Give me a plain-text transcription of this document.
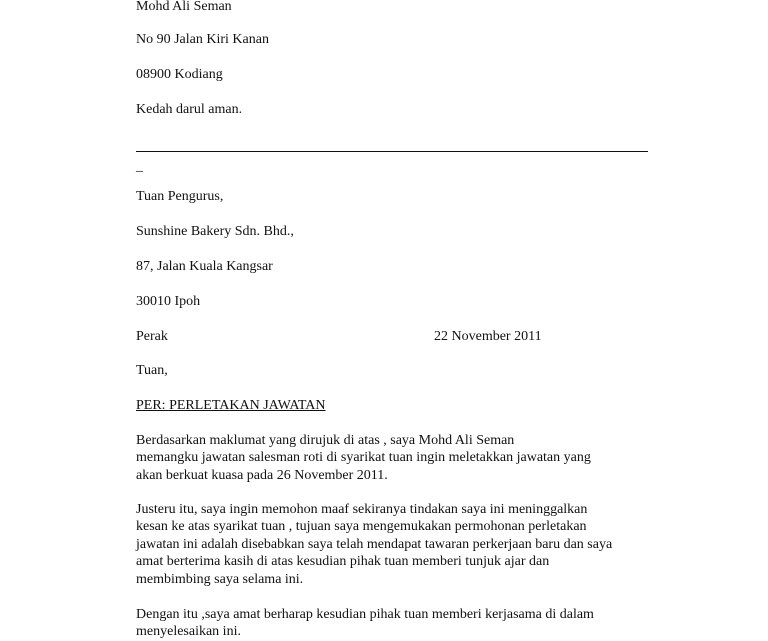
Mohd Ali Seman
No 90 Jalan Kiri Kanan
08900 Kodiang
Kedah darul aman.
_
Tuan Pengurus,
Sunshine Bakery Sdn. Bhd.,
87, Jalan Kuala Kangsar
30010 Ipoh
Perak	22 November 2011
Tuan,
PER: PERLETAKAN JAWATAN
Berdasarkan maklumat yang dirujuk di atas , saya Mohd Ali Seman
memangku jawatan salesman roti di syarikat tuan ingin meletakkan jawatan yang
akan berkuat kuasa pada 26 November 2011.
Justeru itu, saya ingin memohon maaf sekiranya tindakan saya ini meninggalkan
kesan ke atas syarikat tuan , tujuan saya mengemukakan permohonan perletakan
jawatan ini adalah disebabkan saya telah mendapat tawaran perkerjaan baru dan saya
amat berterima kasih di atas kesudian pihak tuan memberi tunjuk ajar dan
membimbing saya selama ini.
Dengan itu ,saya amat berharap kesudian pihak tuan memberi kerjasama di dalam
menyelesaikan ini.
